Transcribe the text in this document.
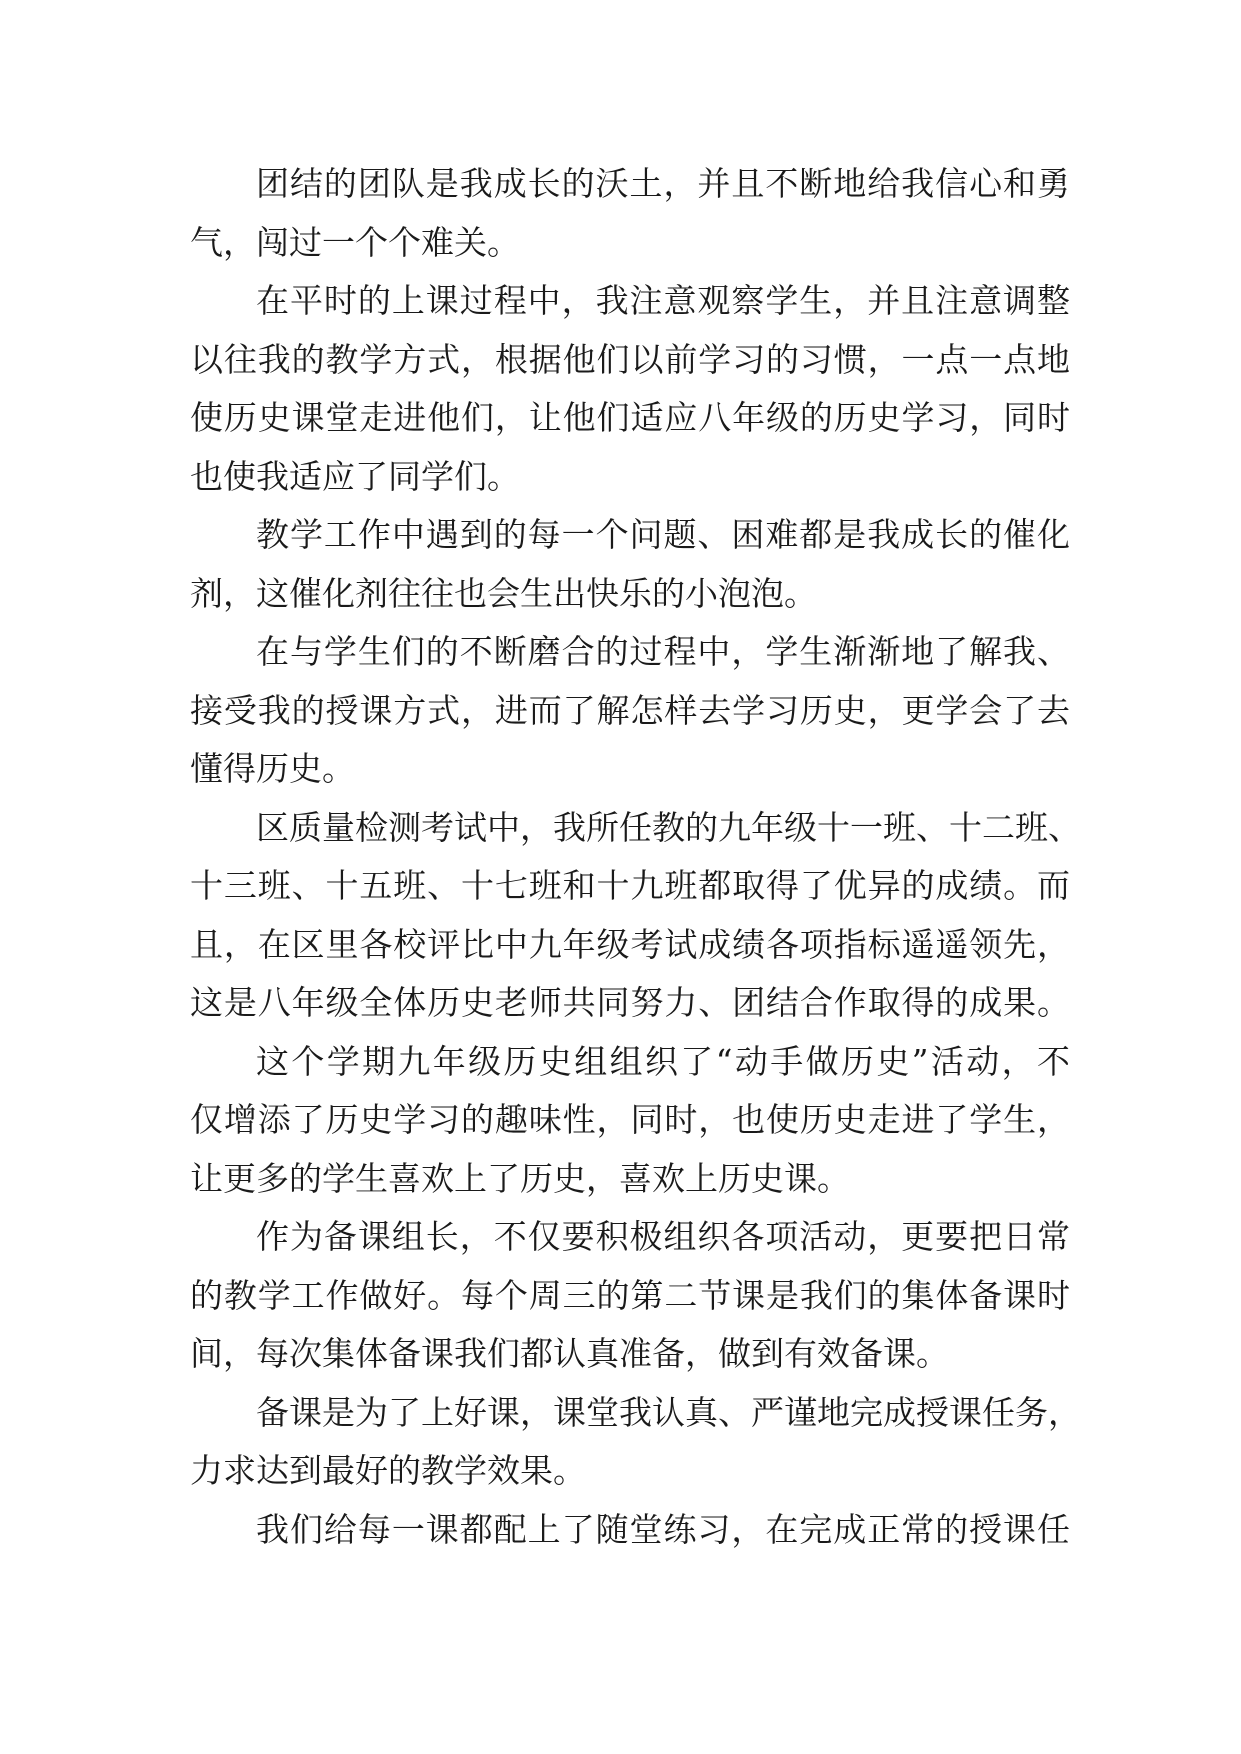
团结的团队是我成长的沃土，并且不断地给我信心和勇
气，闯过一个个难关。
在平时的上课过程中，我注意观察学生，并且注意调整
以往我的教学方式，根据他们以前学习的习惯，一点一点地
使历史课堂走进他们，让他们适应八年级的历史学习，同时
也使我适应了同学们。
教学工作中遇到的每一个问题、困难都是我成长的催化
剂，这催化剂往往也会生出快乐的小泡泡。
在与学生们的不断磨合的过程中，学生渐渐地了解我、
接受我的授课方式，进而了解怎样去学习历史，更学会了去
懂得历史。
区质量检测考试中，我所任教的九年级十一班、十二班、
十三班、十五班、十七班和十九班都取得了优异的成绩。而
且，在区里各校评比中九年级考试成绩各项指标遥遥领先，
这是八年级全体历史老师共同努力、团结合作取得的成果。
这个学期九年级历史组组织了“动手做历史”活动，不
仅增添了历史学习的趣味性，同时，也使历史走进了学生，
让更多的学生喜欢上了历史，喜欢上历史课。
作为备课组长，不仅要积极组织各项活动，更要把日常
的教学工作做好。每个周三的第二节课是我们的集体备课时
间，每次集体备课我们都认真准备，做到有效备课。
备课是为了上好课，课堂我认真、严谨地完成授课任务，
力求达到最好的教学效果。
我们给每一课都配上了随堂练习，在完成正常的授课任
